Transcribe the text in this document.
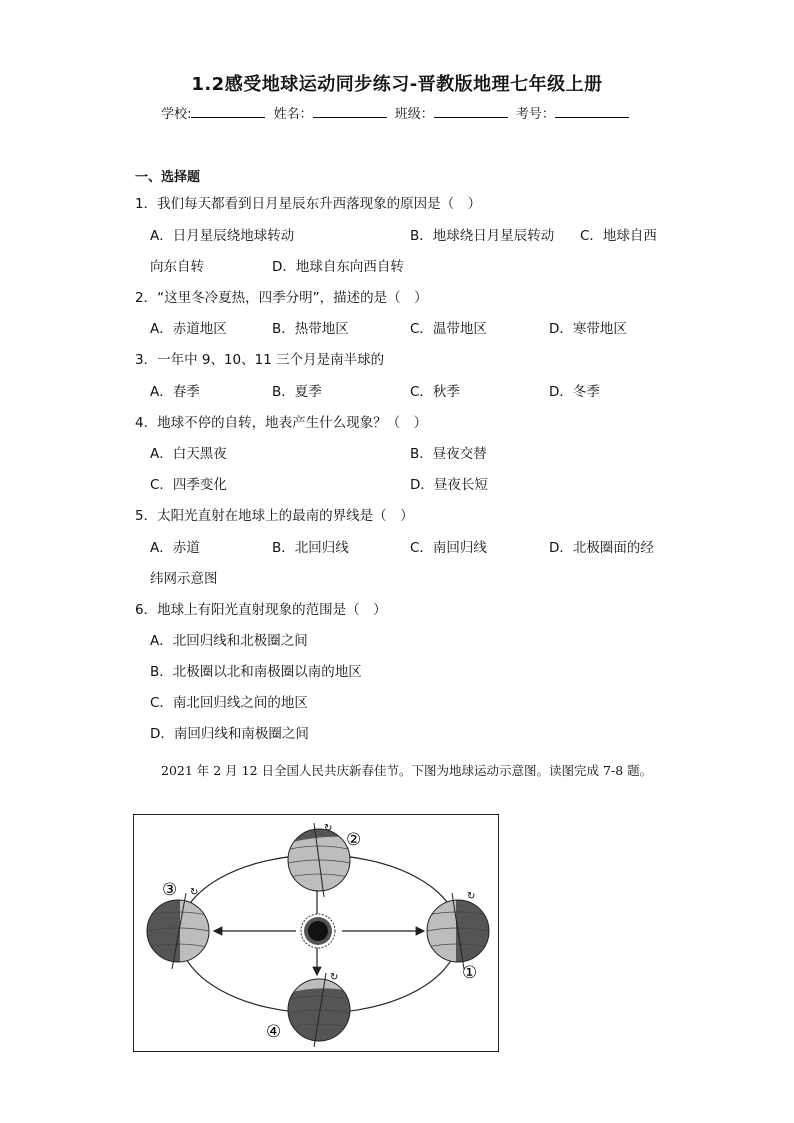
1.2感受地球运动同步练习-晋教版地理七年级上册
学校:	姓名：	班级：	考号：
一、选择题
1．我们每天都看到日月星辰东升西落现象的原因是（　）
A．日月星辰绕地球转动	B．地球绕日月星辰转动 C．地球自西
向东自转	D．地球自东向西自转
2．“这里冬冷夏热，四季分明”，描述的是（　）
A．赤道地区	B．热带地区	C．温带地区	D．寒带地区
3．一年中 9、10、11 三个月是南半球的
A．春季	B．夏季	C．秋季	D．冬季
4．地球不停的自转，地表产生什么现象？（　）
A．白天黑夜	B．昼夜交替
C．四季变化	D．昼夜长短
5．太阳光直射在地球上的最南的界线是（　）
A．赤道	B．北回归线	C．南回归线	D．北极圈面的经
纬网示意图
6．地球上有阳光直射现象的范围是（　）
A．北回归线和北极圈之间
B．北极圈以北和南极圈以南的地区
C．南北回归线之间的地区
D．南回归线和南极圈之间
2021 年 2 月 12 日全国人民共庆新春佳节。下图为地球运动示意图。读图完成 7-8 题。
↻
↻
↻
↻	①
②
③
④
